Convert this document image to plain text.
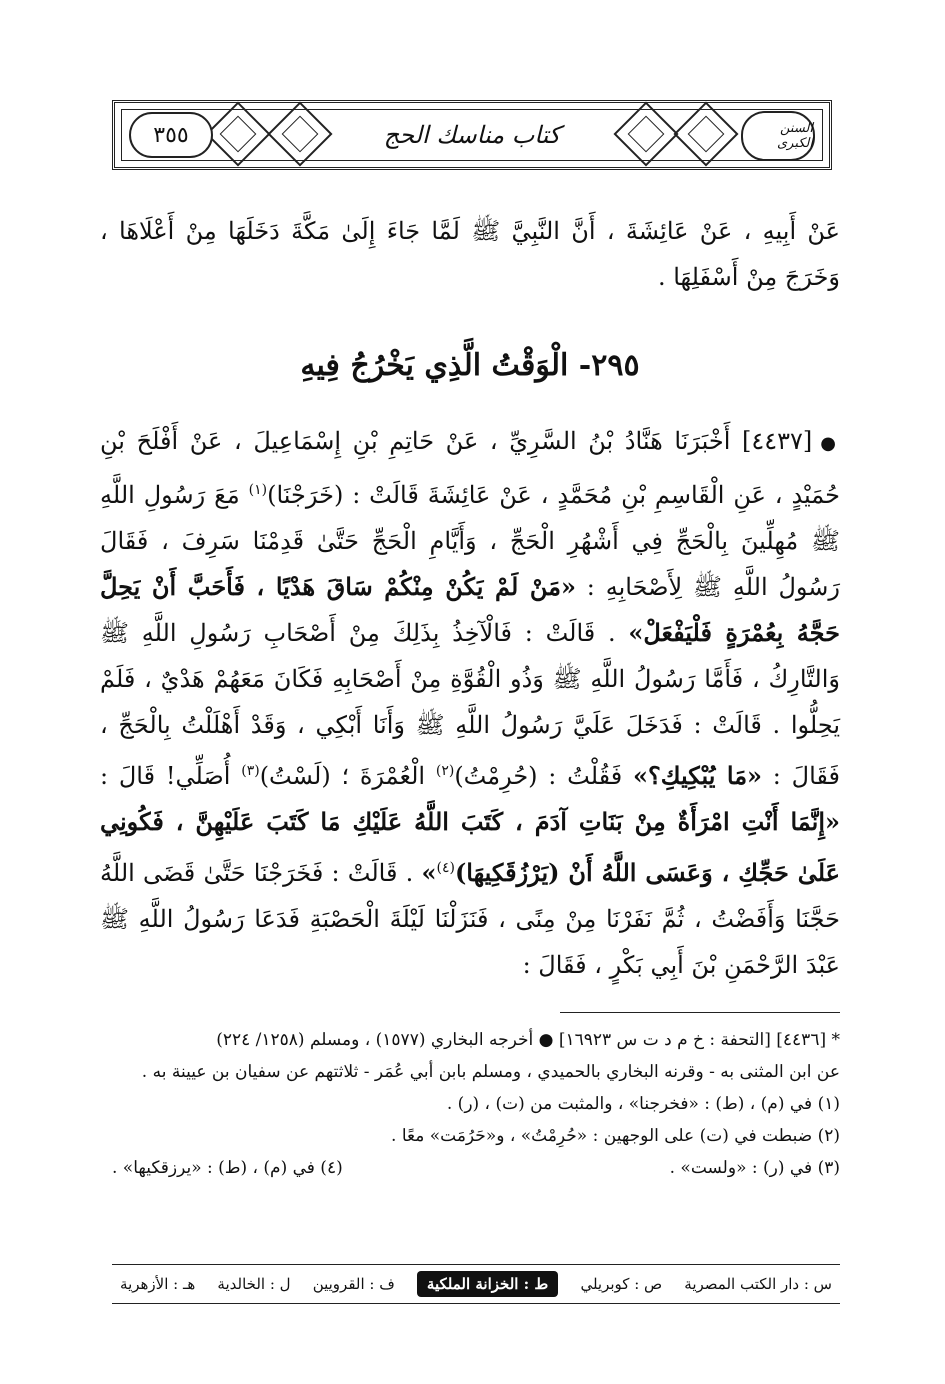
السنن الكبرى
كتاب مناسك الحج
٣٥٥
عَنْ أَبِيهِ ، عَنْ عَائِشَةَ ، أَنَّ النَّبِيَّ ﷺ لَمَّا جَاءَ إِلَىٰ مَكَّةَ دَخَلَهَا مِنْ أَعْلَاهَا ، وَخَرَجَ مِنْ أَسْفَلِهَا .
٢٩٥- الْوَقْتُ الَّذِي يَخْرُجُ فِيهِ
●[٤٤٣٧] أَخْبَرَنَا هَنَّادُ بْنُ السَّرِيِّ ، عَنْ حَاتِمِ بْنِ إِسْمَاعِيلَ ، عَنْ أَفْلَحَ بْنِ حُمَيْدٍ ، عَنِ الْقَاسِمِ بْنِ مُحَمَّدٍ ، عَنْ عَائِشَةَ قَالَتْ : (خَرَجْنَا)$^{(١)}$ مَعَ رَسُولِ اللَّهِ ﷺ مُهِلِّينَ بِالْحَجِّ فِي أَشْهُرِ الْحَجِّ ، وَأَيَّامِ الْحَجِّ حَتَّىٰ قَدِمْنَا سَرِفَ ، فَقَالَ رَسُولُ اللَّهِ ﷺ لِأَصْحَابِهِ : «مَنْ لَمْ يَكُنْ مِنْكُمْ سَاقَ هَدْيًا ، فَأَحَبَّ أَنْ يَحِلَّ حَجَّهُ بِعُمْرَةٍ فَلْيَفْعَلْ» . قَالَتْ : فَالْآخِذُ بِذَلِكَ مِنْ أَصْحَابِ رَسُولِ اللَّهِ ﷺ وَالتَّارِكُ ، فَأَمَّا رَسُولُ اللَّهِ ﷺ وَذُو الْقُوَّةِ مِنْ أَصْحَابِهِ فَكَانَ مَعَهُمْ هَدْيٌ ، فَلَمْ يَحِلُّوا . قَالَتْ : فَدَخَلَ عَلَيَّ رَسُولُ اللَّهِ ﷺ وَأَنَا أَبْكِي ، وَقَدْ أَهْلَلْتُ بِالْحَجِّ ، فَقَالَ : «مَا يُبْكِيكِ؟» فَقُلْتُ : (حُرِمْتُ)$^{(٢)}$ الْعُمْرَةَ ؛ (لَسْتُ)$^{(٣)}$ أُصَلِّي! قَالَ : «إِنَّمَا أَنْتِ امْرَأَةٌ مِنْ بَنَاتِ آدَمَ ، كَتَبَ اللَّهُ عَلَيْكِ مَا كَتَبَ عَلَيْهِنَّ ، فَكُونِي عَلَىٰ حَجِّكِ ، وَعَسَى اللَّهُ أَنْ (يَرْزُقَكِيهَا)$^{(٤)}$» . قَالَتْ : فَخَرَجْنَا حَتَّىٰ قَضَى اللَّهُ حَجَّنَا وَأَفَضْتُ ، ثُمَّ نَفَرْنَا مِنْ مِنًى ، فَنَزَلْنَا لَيْلَةَ الْحَصْبَةِ فَدَعَا رَسُولُ اللَّهِ ﷺ عَبْدَ الرَّحْمَنِ بْنَ أَبِي بَكْرٍ ، فَقَالَ :

* [٤٤٣٦] [التحفة : خ م د ت س ١٦٩٢٣] ● أخرجه البخاري (١٥٧٧) ، ومسلم (١٢٥٨/ ٢٢٤)

عن ابن المثنى به - وقرنه البخاري بالحميدي ، ومسلم بابن أبي عُمَر - ثلاثتهم عن سفيان بن عيينة به .

(١) في (م) ، (ط) : «فخرجنا» ، والمثبت من (ت) ، (ر) .

(٢) ضبطت في (ت) على الوجهين : «حُرِمْتُ» ، و«حَرُمَت» معًا .

(٣) في (ر) : «ولست» .
(٤) في (م) ، (ط) : «يرزقكيها» .
س : دار الكتب المصرية
ص : كوبريلي
ط : الخزانة الملكية
ف : القرويين
ل : الخالدية
هـ : الأزهرية
